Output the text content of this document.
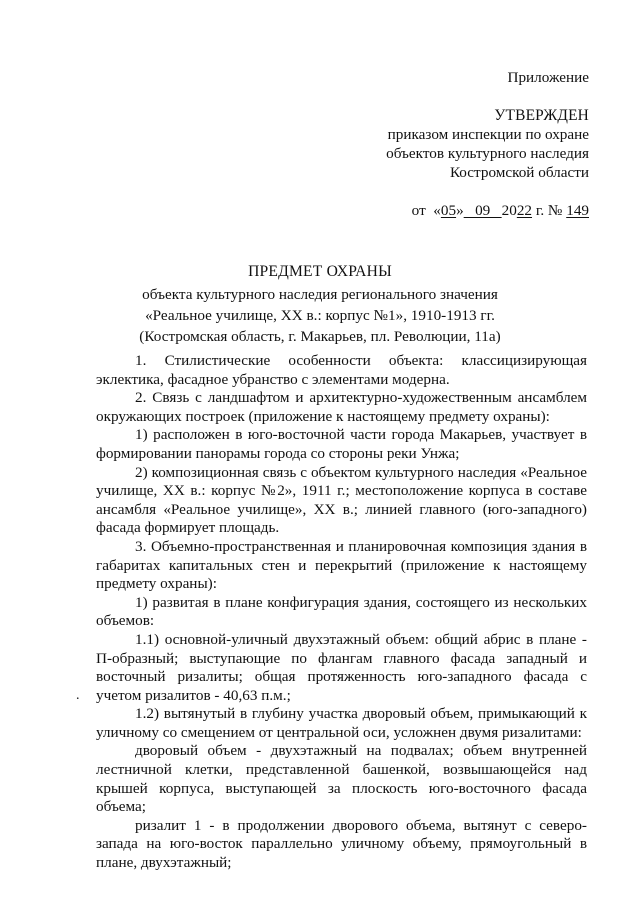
Приложение
УТВЕРЖДЕН
приказом инспекции по охране
объектов культурного наследия
Костромской области

от  «05»   09   2022 г. № 149

ПРЕДМЕТ ОХРАНЫ
объекта культурного наследия регионального значения
«Реальное училище, XX в.: корпус №1», 1910-1913 гг.
(Костромская область, г. Макарьев, пл. Революции, 11а)
.

1. Стилистические особенности объекта: классицизирующая эклектика, фасадное убранство с элементами модерна.

2. Связь с ландшафтом и архитектурно-художественным ансамблем окружающих построек (приложение к настоящему предмету охраны):

1) расположен в юго-восточной части города Макарьев, участвует в формировании панорамы города со стороны реки Унжа;

2) композиционная связь с объектом культурного наследия «Реальное училище, XX в.: корпус №2», 1911 г.; местоположение корпуса в составе ансамбля «Реальное училище», XX в.; линией главного (юго-западного) фасада формирует площадь.

3. Объемно-пространственная и планировочная композиция здания в габаритах капитальных стен и перекрытий (приложение к настоящему предмету охраны):

1) развитая в плане конфигурация здания, состоящего из нескольких объемов:

1.1) основной-уличный двухэтажный объем: общий абрис в плане - П-образный; выступающие по флангам главного фасада западный и восточный ризалиты; общая протяженность юго-западного фасада с учетом ризалитов - 40,63 п.м.;

1.2) вытянутый в глубину участка дворовый объем, примыкающий к уличному со смещением от центральной оси, усложнен двумя ризалитами:

дворовый объем - двухэтажный на подвалах; объем внутренней лестничной клетки, представленной башенкой, возвышающейся над крышей корпуса, выступающей за плоскость юго-восточного фасада объема;

ризалит 1 - в продолжении дворового объема, вытянут с северо-запада на юго-восток параллельно уличному объему, прямоугольный в плане, двухэтажный;
